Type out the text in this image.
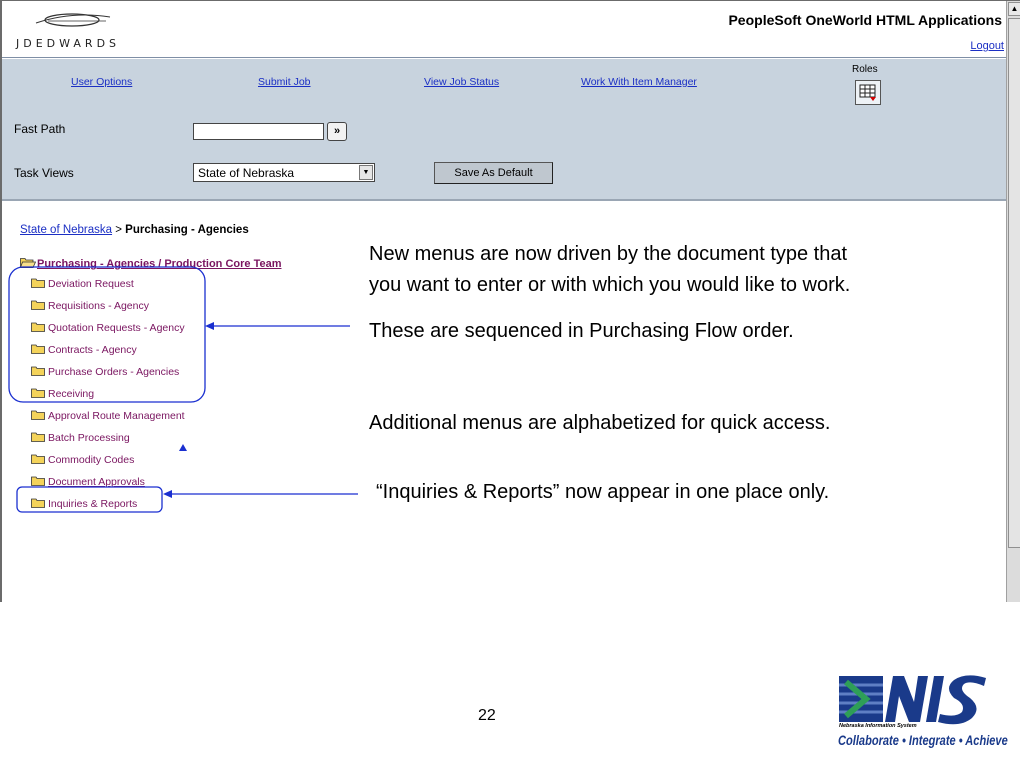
JDEDWARDS
PeopleSoft OneWorld HTML Applications
Logout
User Options	Submit Job	View Job Status	Work With Item Manager
Roles
Fast Path	»
Task Views	State of Nebraska	▼	Save As Default
State of Nebraska > Purchasing - Agencies
Purchasing - Agencies / Production Core Team
Deviation Request
Requisitions - Agency
Quotation Requests - Agency
Contracts - Agency
Purchase Orders - Agencies
Receiving
Approval Route Management
Batch Processing
Commodity Codes
Document Approvals
Inquiries & Reports
▲
New menus are now driven by the document type that
you want to enter or with which you would like to work.
These are sequenced in Purchasing Flow order.
Additional menus are alphabetized for quick access.
“Inquiries & Reports” now appear in one place only.
22
Nebraska Information System
Collaborate • Integrate • Achieve
